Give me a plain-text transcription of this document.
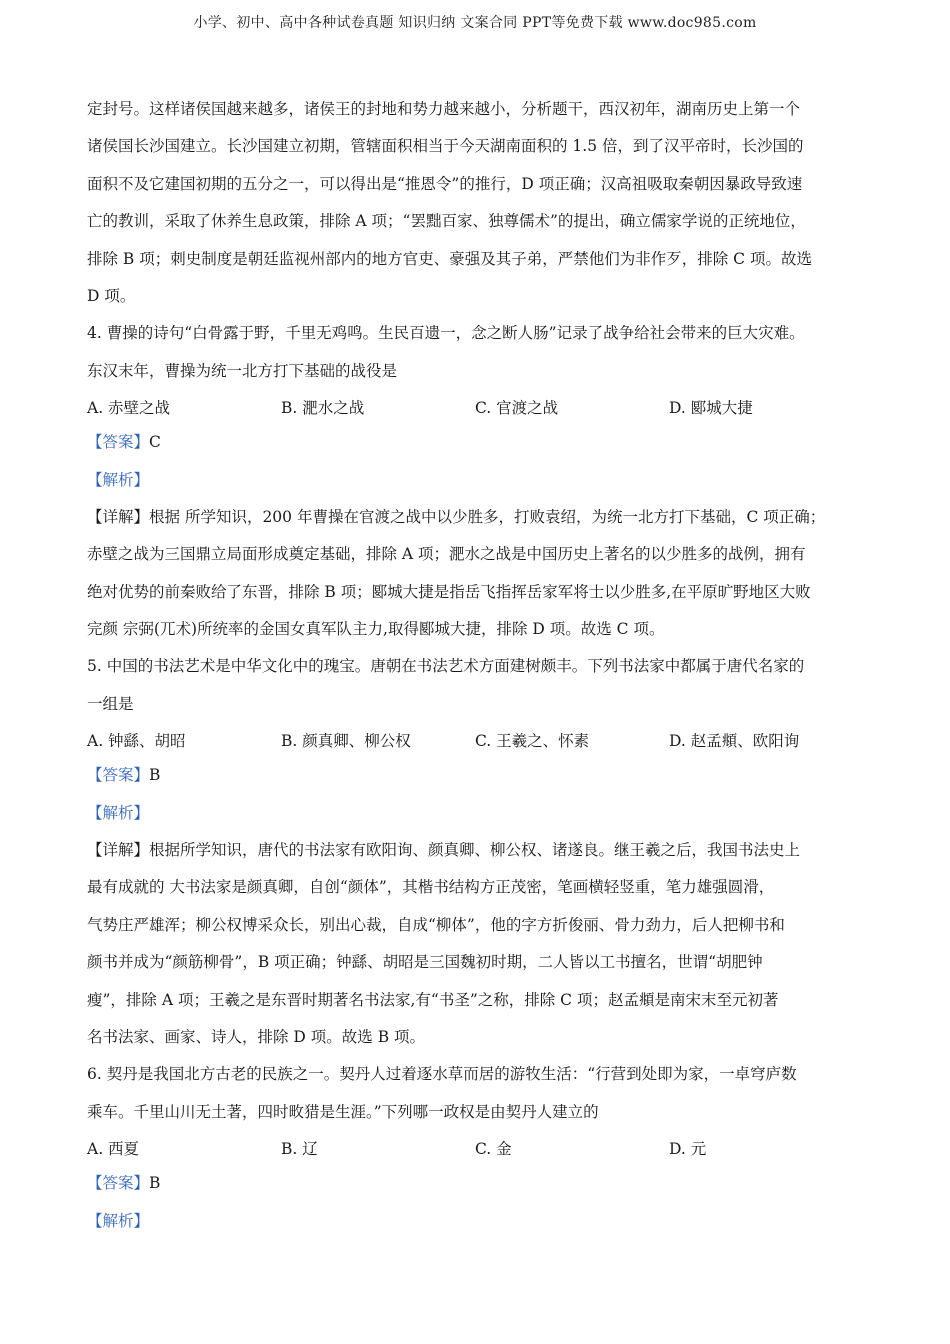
小学、初中、高中各种试卷真题 知识归纳 文案合同 PPT等免费下载 www.doc985.com
定封号。这样诸侯国越来越多，诸侯王的封地和势力越来越小，分析题干，西汉初年，湖南历史上第一个
诸侯国长沙国建立。长沙国建立初期，管辖面积相当于今天湖南面积的 1.5 倍，到了汉平帝时，长沙国的
面积不及它建国初期的五分之一，可以得出是“推恩令”的推行，D 项正确；汉高祖吸取秦朝因暴政导致速
亡的教训，采取了休养生息政策，排除 A 项；“罢黜百家、独尊儒术”的提出，确立儒家学说的正统地位，
排除 B 项；刺史制度是朝廷监视州部内的地方官吏、豪强及其子弟，严禁他们为非作歹，排除 C 项。故选
D 项。
4. 曹操的诗句“白骨露于野，千里无鸡鸣。生民百遗一，念之断人肠”记录了战争给社会带来的巨大灾难。
东汉末年，曹操为统一北方打下基础的战役是
A. 赤壁之战	B. 淝水之战	C. 官渡之战	D. 郾城大捷
【答案】C
【解析】
【详解】根据 所学知识，200 年曹操在官渡之战中以少胜多，打败袁绍，为统一北方打下基础，C 项正确；
赤壁之战为三国鼎立局面形成奠定基础，排除 A 项；淝水之战是中国历史上著名的以少胜多的战例，拥有
绝对优势的前秦败给了东晋，排除 B 项；郾城大捷是指岳飞指挥岳家军将士以少胜多,在平原旷野地区大败
完颜 宗弼(兀术)所统率的金国女真军队主力,取得郾城大捷，排除 D 项。故选 C 项。
5. 中国的书法艺术是中华文化中的瑰宝。唐朝在书法艺术方面建树颇丰。下列书法家中都属于唐代名家的
一组是
A. 钟繇、胡昭	B. 颜真卿、柳公权	C. 王羲之、怀素	D. 赵孟頫、欧阳询
【答案】B
【解析】
【详解】根据所学知识，唐代的书法家有欧阳询、颜真卿、柳公权、诸遂良。继王羲之后，我国书法史上
最有成就的 大书法家是颜真卿，自创“颜体”，其楷书结构方正茂密，笔画横轻竖重，笔力雄强圆滑，
气势庄严雄浑；柳公权博采众长，别出心裁，自成“柳体”，他的字方折俊丽、骨力劲力，后人把柳书和
颜书并成为“颜筋柳骨”，B 项正确；钟繇、胡昭是三国魏初时期，二人皆以工书擅名，世谓“胡肥钟
瘦”，排除 A 项；王羲之是东晋时期著名书法家,有“书圣”之称，排除 C 项；赵孟頫是南宋末至元初著
名书法家、画家、诗人，排除 D 项。故选 B 项。
6. 契丹是我国北方古老的民族之一。契丹人过着逐水草而居的游牧生活：“行营到处即为家，一卓穹庐数
乘车。千里山川无土著，四时畋猎是生涯。”下列哪一政权是由契丹人建立的
A. 西夏	B. 辽	C. 金	D. 元
【答案】B
【解析】
